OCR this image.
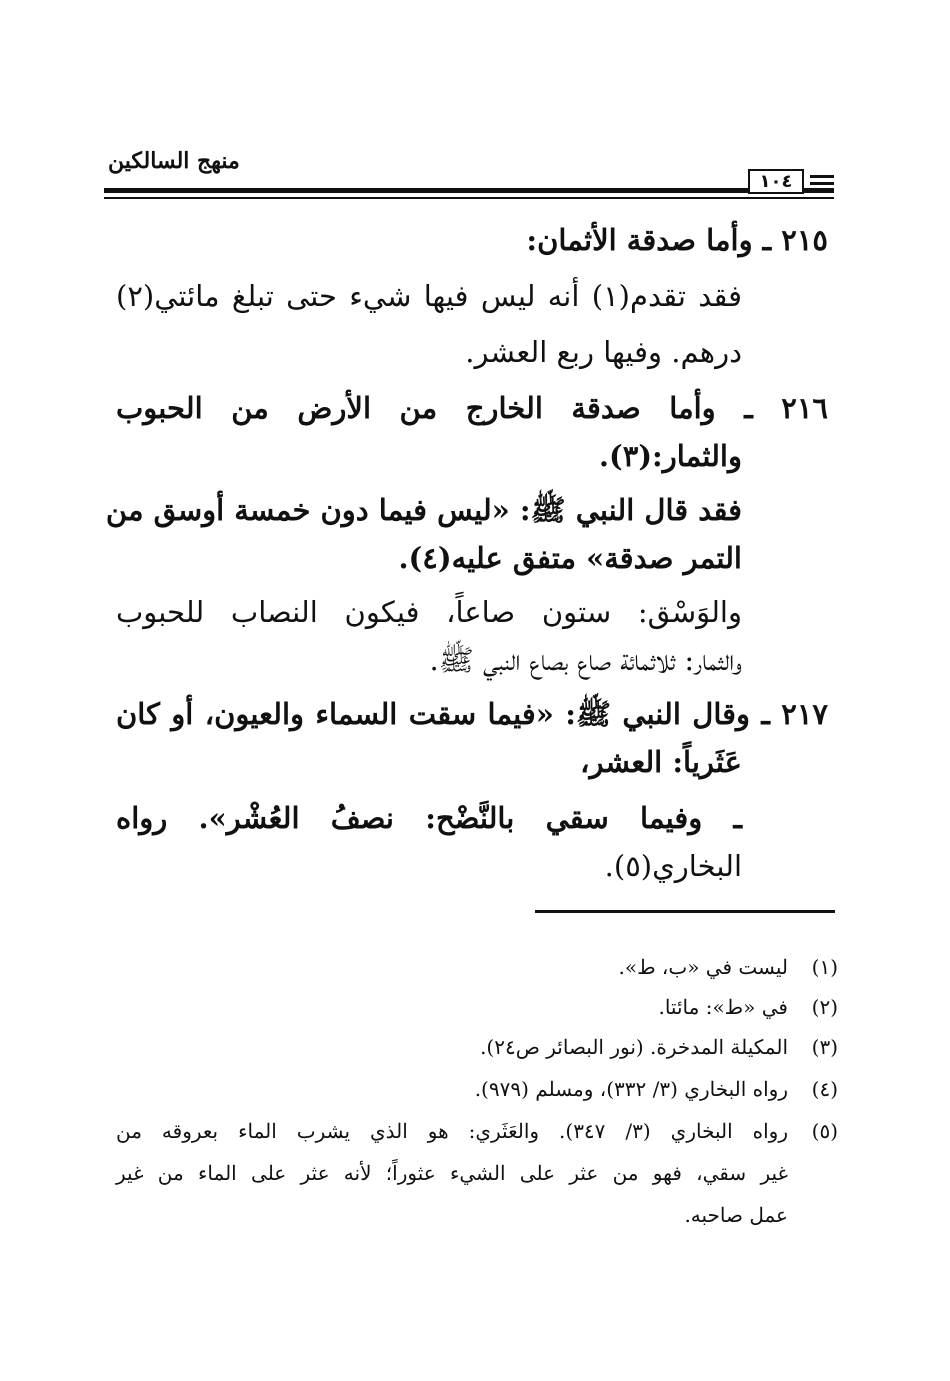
منهج السالكين
١٠٤
٢١٥ ـ وأما صدقة الأثمان:
فقد تقدم(١) أنه ليس فيها شيء حتى تبلغ مائتي(٢)
درهم. وفيها ربع العشر.
٢١٦ ـ وأما صدقة الخارج من الأرض من الحبوب
والثمار:(٣).
فقد قال النبي ﷺ: «ليس فيما دون خمسة أوسق من
التمر صدقة» متفق عليه(٤).
والوَسْق: ستون صاعاً، فيكون النصاب للحبوب
والثمار: ثلاثمائة صاع بصاع النبي ﷺ.
٢١٧ ـ وقال النبي ﷺ: «فيما سقت السماء والعيون، أو كان
عَثَرياً: العشر،
ـ وفيما سقي بالنَّضْح: نصفُ العُشْر». رواه
البخاري(٥).
(١)
ليست في «ب، ط».
(٢)
في «ط»: مائتا.
(٣)
المكيلة المدخرة. (نور البصائر ص٢٤).
(٤)
رواه البخاري (٣/ ٣٣٢)، ومسلم (٩٧٩).
(٥)
رواه البخاري (٣/ ٣٤٧). والعَثَري: هو الذي يشرب الماء بعروقه من
غير سقي، فهو من عثر على الشيء عثوراً؛ لأنه عثر على الماء من غير
عمل صاحبه.
